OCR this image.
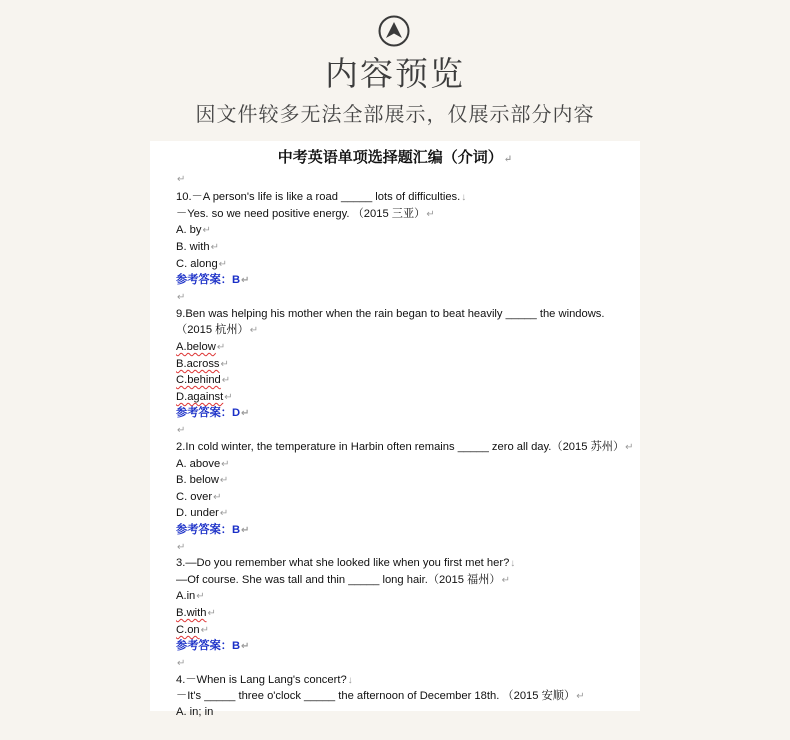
内容预览
因文件较多无法全部展示，仅展示部分内容
中考英语单项选择题汇编（介词）↵
↵
10.－A person's life is like a road _____ lots of difficulties.↓
－Yes. so we need positive energy. （2015 三亚）↵
A. by↵
B. with↵
C. along↵
参考答案：B↵
↵
9.Ben was helping his mother when the rain began to beat heavily _____ the windows.
（2015 杭州）↵
A.below↵
B.across↵
C.behind↵
D.against↵
参考答案：D↵
↵
2.In cold winter, the temperature in Harbin often remains _____ zero all day.（2015 苏州）↵
A. above↵
B. below↵
C. over↵
D. under↵
参考答案：B↵
↵
3.—Do you remember what she looked like when you first met her?↓
—Of course. She was tall and thin _____ long hair.（2015 福州）↵
A.in↵
B.with↵
C.on↵
参考答案：B↵
↵
4.－When is Lang Lang's concert?↓
－It's _____ three o'clock _____ the afternoon of December 18th. （2015 安顺）↵
A. in; in
